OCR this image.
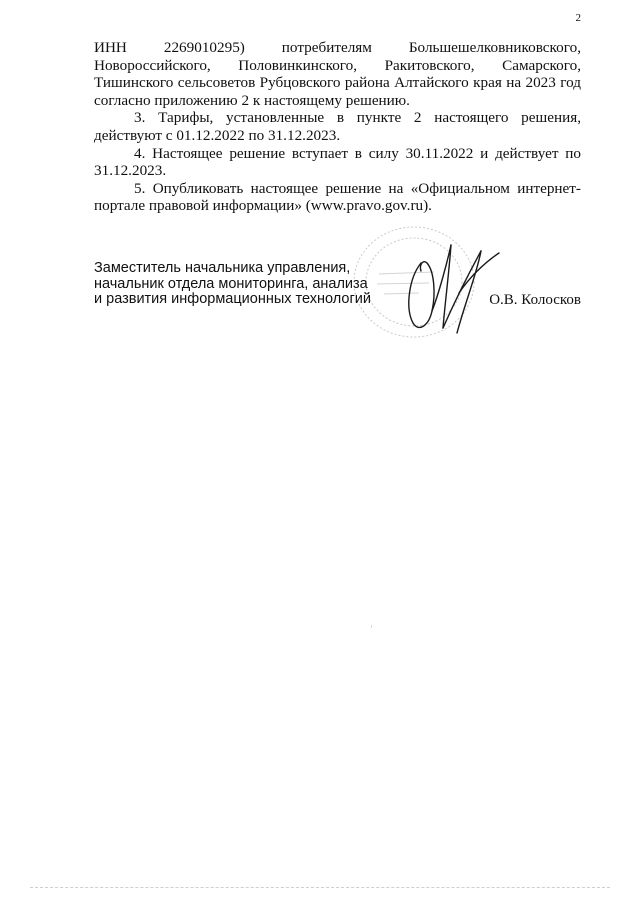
2

ИНН 2269010295) потребителям Большешелковниковского,
Новороссийского, Половинкинского, Ракитовского, Самарского,
Тишинского сельсоветов Рубцовского района Алтайского края на 2023 год
согласно приложению 2 к настоящему решению.

3. Тарифы, установленные в пункте 2 настоящего решения, действуют с 01.12.2022 по 31.12.2023.

4. Настоящее решение вступает в силу 30.11.2022 и действует по 31.12.2023.

5. Опубликовать настоящее решение на «Официальном интернет-портале правовой информации» (www.pravo.gov.ru).

Заместитель начальника управления,
начальник отдела мониторинга, анализа
и развития информационных технологий	О.В. Колосков
